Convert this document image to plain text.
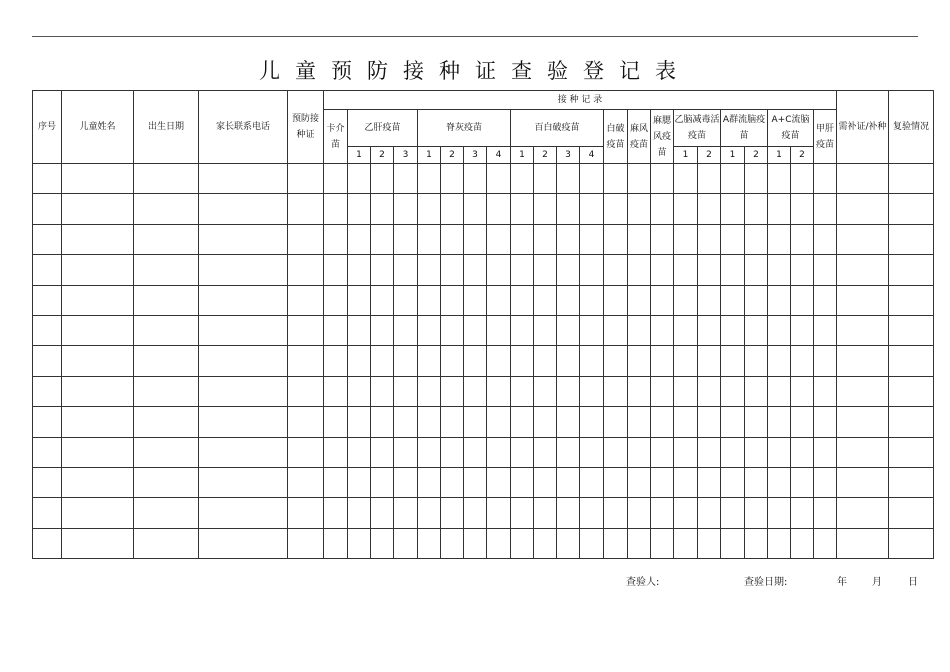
儿童预防接种证查验登记表
序号	儿童姓名	出生日期	家长联系电话	预防接种证	接 种 记 录																						需补证/补种	复验情况
					卡介苗	乙肝疫苗			脊灰疫苗				百白破疫苗				白破疫苗	麻风疫苗	麻腮风疫苗	乙脑减毒活疫苗		A群流脑疫苗		A+C流脑疫苗		甲肝疫苗		
						1	2	3	1	2	3	4	1	2	3	4				1	2	1	2	1	2			

查验人:	查验日期:	年	月	日
